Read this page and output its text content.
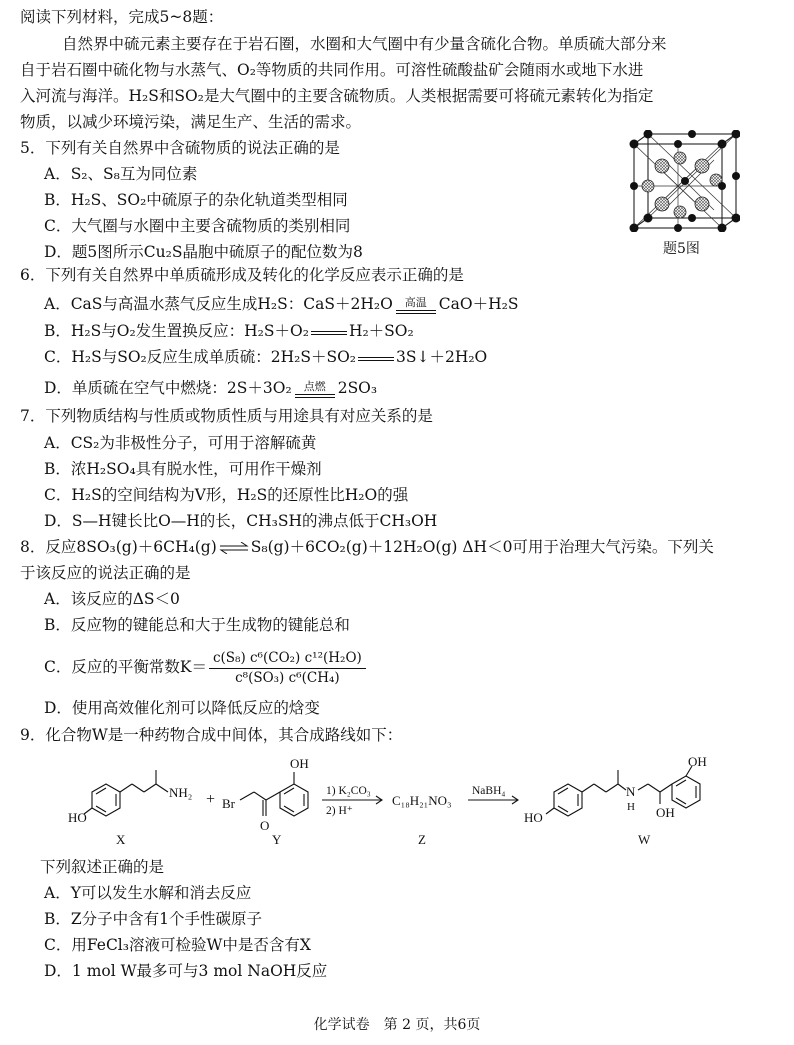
阅读下列材料，完成5~8题：
自然界中硫元素主要存在于岩石圈，水圈和大气圈中有少量含硫化合物。单质硫大部分来
自于岩石圈中硫化物与水蒸气、O₂等物质的共同作用。可溶性硫酸盐矿会随雨水或地下水进
入河流与海洋。H₂S和SO₂是大气圈中的主要含硫物质。人类根据需要可将硫元素转化为指定
物质，以减少环境污染，满足生产、生活的需求。
5．下列有关自然界中含硫物质的说法正确的是
A．S₂、S₈互为同位素
B．H₂S、SO₂中硫原子的杂化轨道类型相同
C．大气圈与水圈中主要含硫物质的类别相同
D．题5图所示Cu₂S晶胞中硫原子的配位数为8	题5图
6．下列有关自然界中单质硫形成及转化的化学反应表示正确的是
A．CaS与高温水蒸气反应生成H₂S：CaS＋2H₂O	高温 CaO＋H₂S
B．H₂S与O₂发生置换反应：H₂S＋O₂	H₂＋SO₂
C．H₂S与SO₂反应生成单质硫：2H₂S＋SO₂	3S↓＋2H₂O
D．单质硫在空气中燃烧：2S＋3O₂	点燃 2SO₃
7．下列物质结构与性质或物质性质与用途具有对应关系的是
A．CS₂为非极性分子，可用于溶解硫黄
B．浓H₂SO₄具有脱水性，可用作干燥剂
C．H₂S的空间结构为V形，H₂S的还原性比H₂O的强
D．S—H键长比O—H的长，CH₃SH的沸点低于CH₃OH
8．反应8SO₃(g)＋6CH₄(g) ⇌ S₈(g)＋6CO₂(g)＋12H₂O(g) ΔH＜0可用于治理大气污染。下列关
于该反应的说法正确的是
A．该反应的ΔS＜0
B．反应物的键能总和大于生成物的键能总和
C．反应的平衡常数$K= \frac{\text{c(S₈) c⁶(CO₂) c¹²(H₂O)}}{\text{c⁸(SO₃) c⁶(CH₄)}}$
D．使用高效催化剂可以降低反应的焓变
9．化合物W是一种药物合成中间体，其合成路线如下：
HO
NH₂
X
+ Br
O
OH
Y
1) K₂CO₃
2) H⁺
C₁₈H₂₁NO₃
Z
NaBH₄
HO
N
H OH
OH
W
下列叙述正确的是
A．Y可以发生水解和消去反应
B．Z分子中含有1个手性碳原子
C．用FeCl₃溶液可检验W中是否含有X
D．1 mol W最多可与3 mol NaOH反应
化学试卷　第 2 页，共6页
